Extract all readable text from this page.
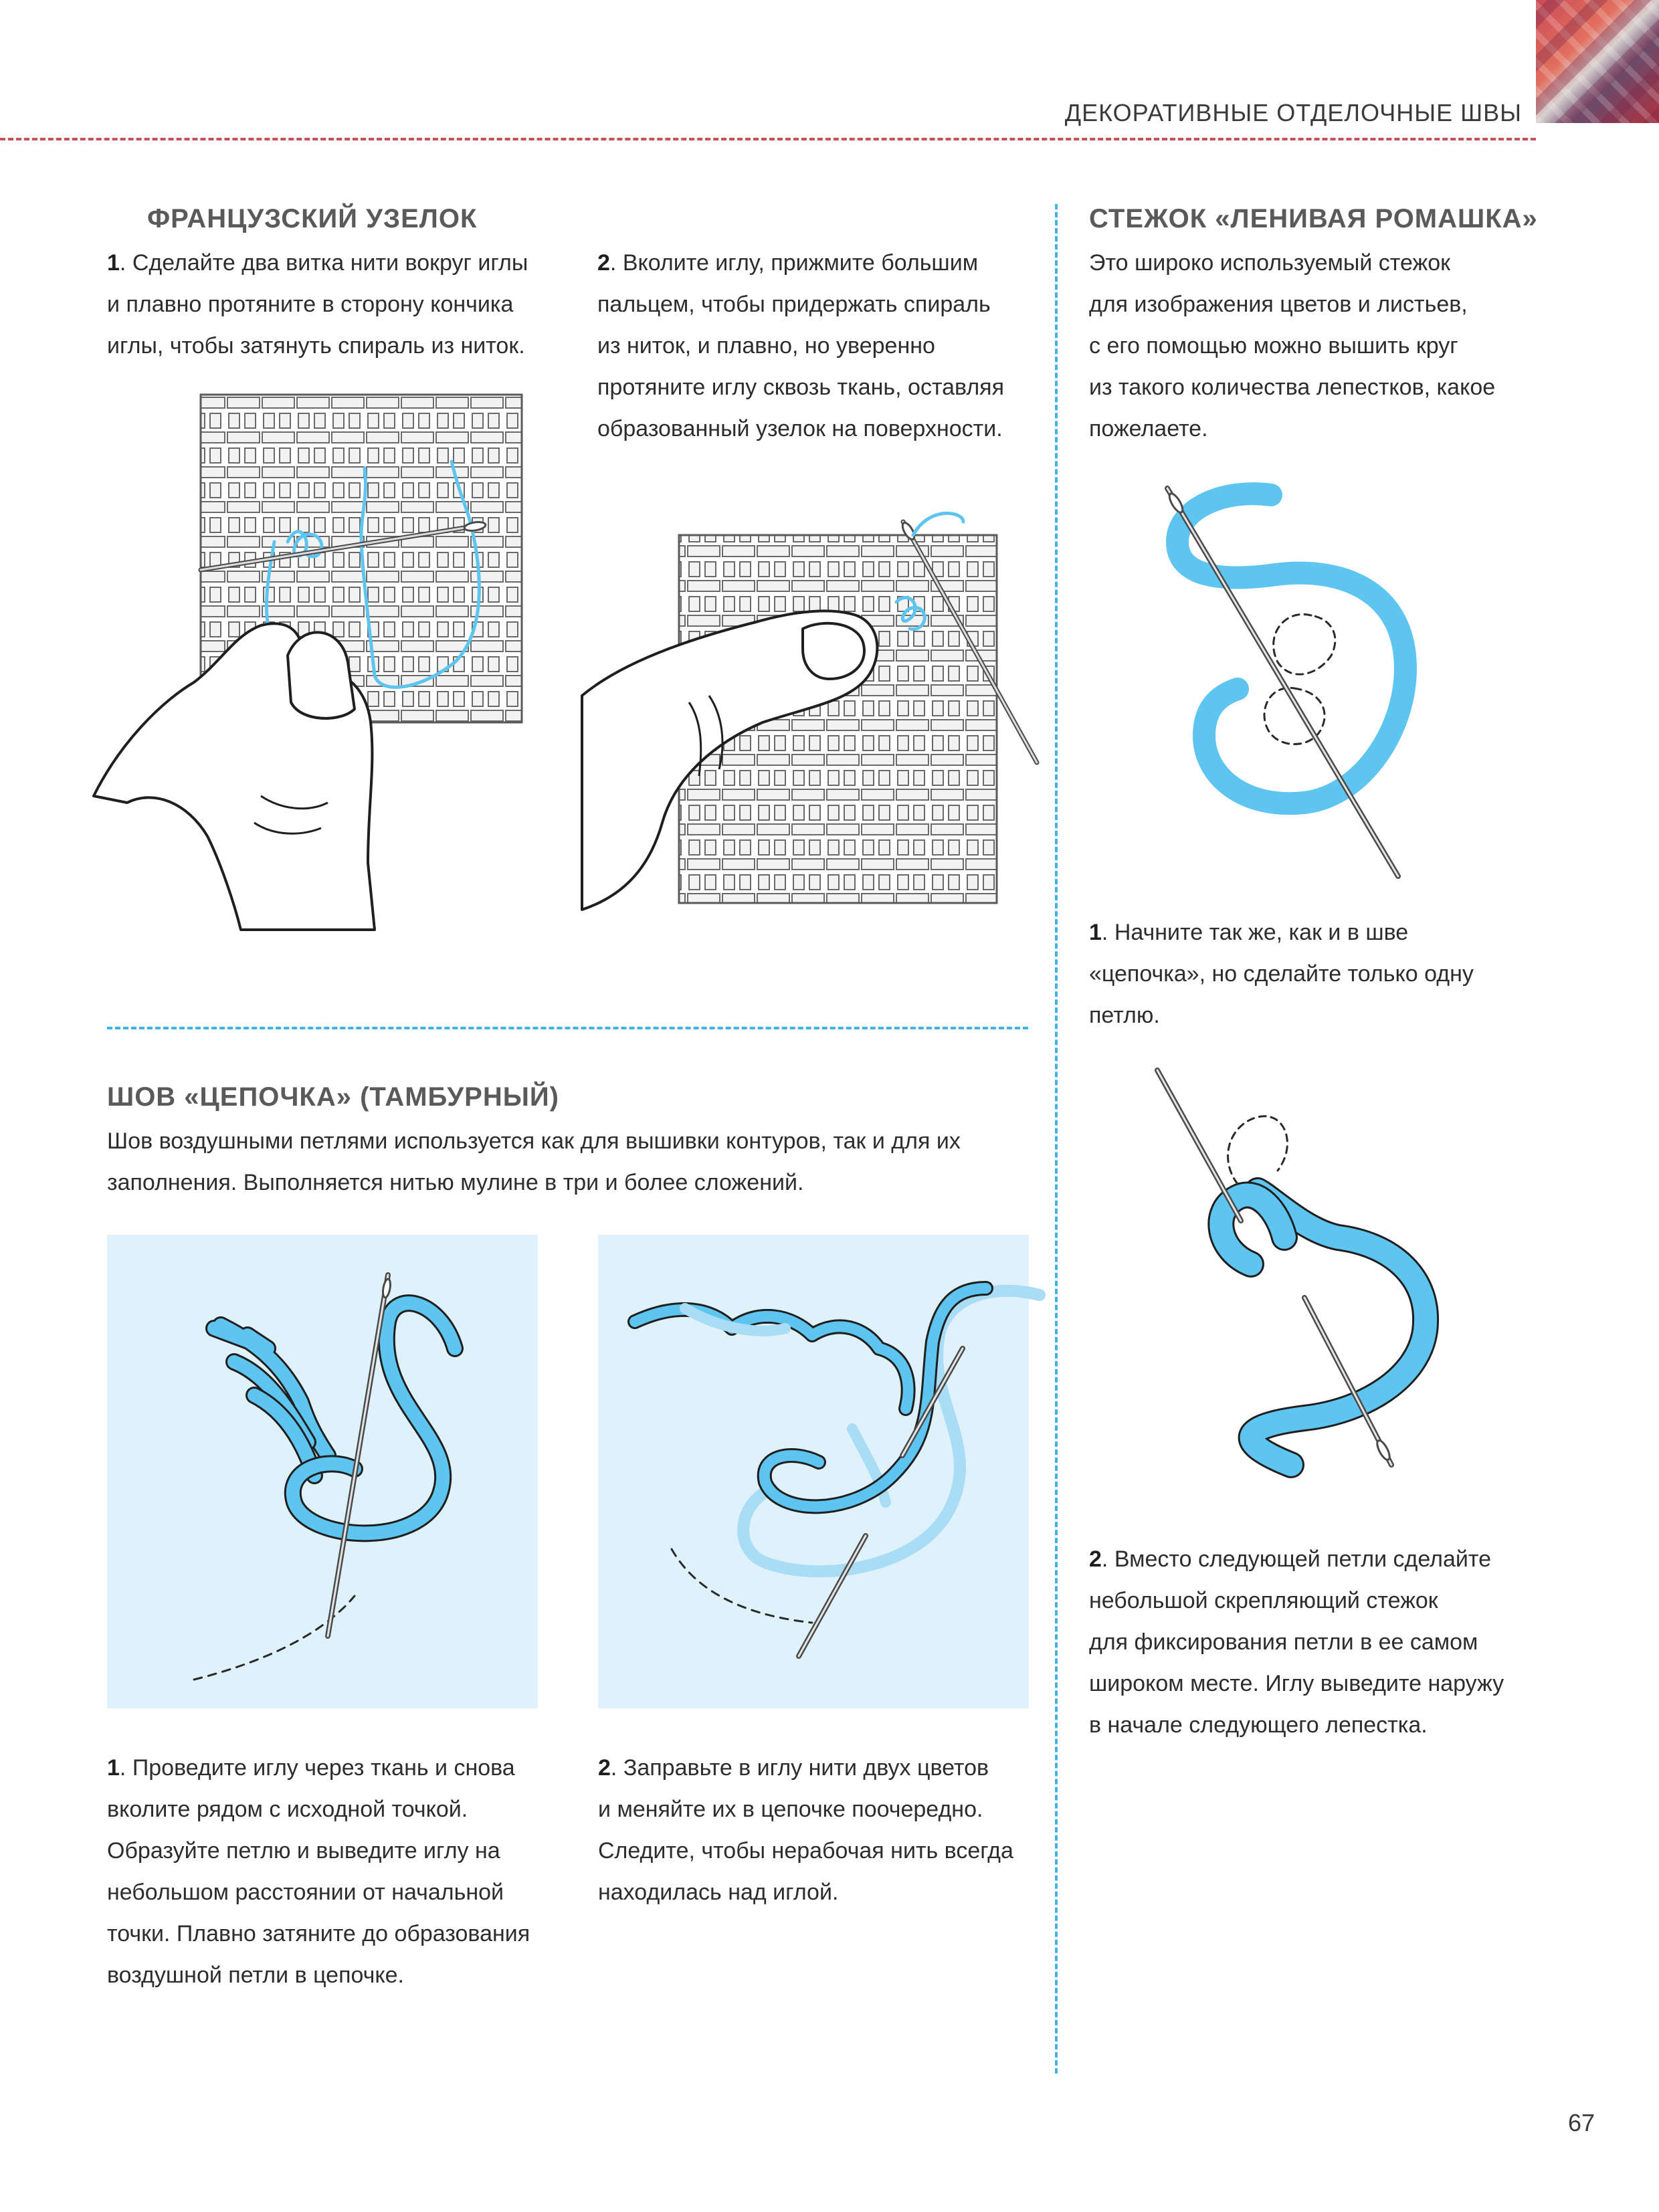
ДЕКОРАТИВНЫЕ ОТДЕЛОЧНЫЕ ШВЫ
ФРАНЦУЗСКИЙ УЗЕЛОК
1. Сделайте два витка нити вокруг иглы
и плавно протяните в сторону кончика
иглы, чтобы затянуть спираль из ниток.
2. Вколите иглу, прижмите большим
пальцем, чтобы придержать спираль
из ниток, и плавно, но уверенно
протяните иглу сквозь ткань, оставляя
образованный узелок на поверхности.
ШОВ «ЦЕПОЧКА» (ТАМБУРНЫЙ)
Шов воздушными петлями используется как для вышивки контуров, так и для их
заполнения. Выполняется нитью мулине в три и более сложений.
1. Проведите иглу через ткань и снова
вколите рядом с исходной точкой.
Образуйте петлю и выведите иглу на
небольшом расстоянии от начальной
точки. Плавно затяните до образования
воздушной петли в цепочке.
2. Заправьте в иглу нити двух цветов
и меняйте их в цепочке поочередно.
Следите, чтобы нерабочая нить всегда
находилась над иглой.
СТЕЖОК «ЛЕНИВАЯ РОМАШКА»
Это широко используемый стежок
для изображения цветов и листьев,
с его помощью можно вышить круг
из такого количества лепестков, какое
пожелаете.
1. Начните так же, как и в шве
«цепочка», но сделайте только одну
петлю.
2. Вместо следующей петли сделайте
небольшой скрепляющий стежок
для фиксирования петли в ее самом
широком месте. Иглу выведите наружу
в начале следующего лепестка.
67
